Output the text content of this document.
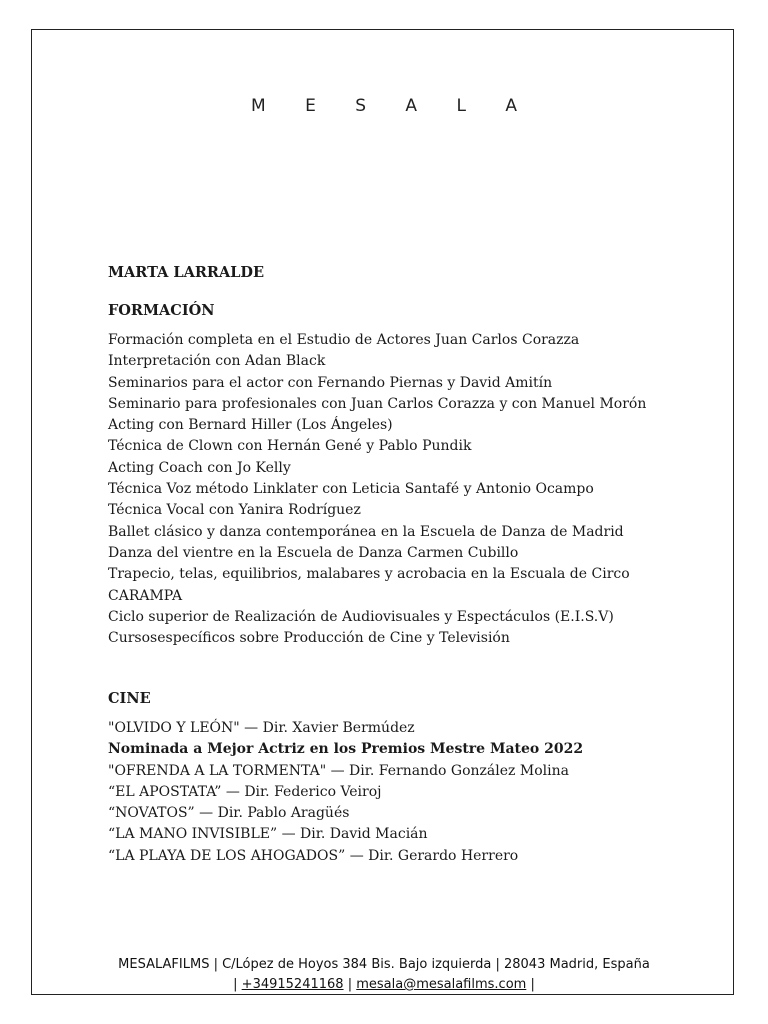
M E S A L A
MARTA LARRALDE
FORMACIÓN
Formación completa en el Estudio de Actores Juan Carlos Corazza
Interpretación con Adan Black
Seminarios para el actor con Fernando Piernas y David Amitín
Seminario para profesionales con Juan Carlos Corazza y con Manuel Morón
Acting con Bernard Hiller (Los Ángeles)
Técnica de Clown con Hernán Gené y Pablo Pundik
Acting Coach con Jo Kelly
Técnica Voz método Linklater con Leticia Santafé y Antonio Ocampo
Técnica Vocal con Yanira Rodríguez
Ballet clásico y danza contemporánea en la Escuela de Danza de Madrid
Danza del vientre en la Escuela de Danza Carmen Cubillo
Trapecio, telas, equilibrios, malabares y acrobacia en la Escuala de Circo
CARAMPA
Ciclo superior de Realización de Audiovisuales y Espectáculos (E.I.S.V)
Cursosespecíficos sobre Producción de Cine y Televisión
CINE
"OLVIDO Y LEÓN" — Dir. Xavier Bermúdez
Nominada a Mejor Actriz en los Premios Mestre Mateo 2022
"OFRENDA A LA TORMENTA" — Dir. Fernando González Molina
“EL APOSTATA” — Dir. Federico Veiroj
“NOVATOS” — Dir. Pablo Aragüés
“LA MANO INVISIBLE” — Dir. David Macián
“LA PLAYA DE LOS AHOGADOS” — Dir. Gerardo Herrero
MESALAFILMS | C/López de Hoyos 384 Bis. Bajo izquierda | 28043 Madrid, España
| +34915241168 | mesala@mesalafilms.com |
